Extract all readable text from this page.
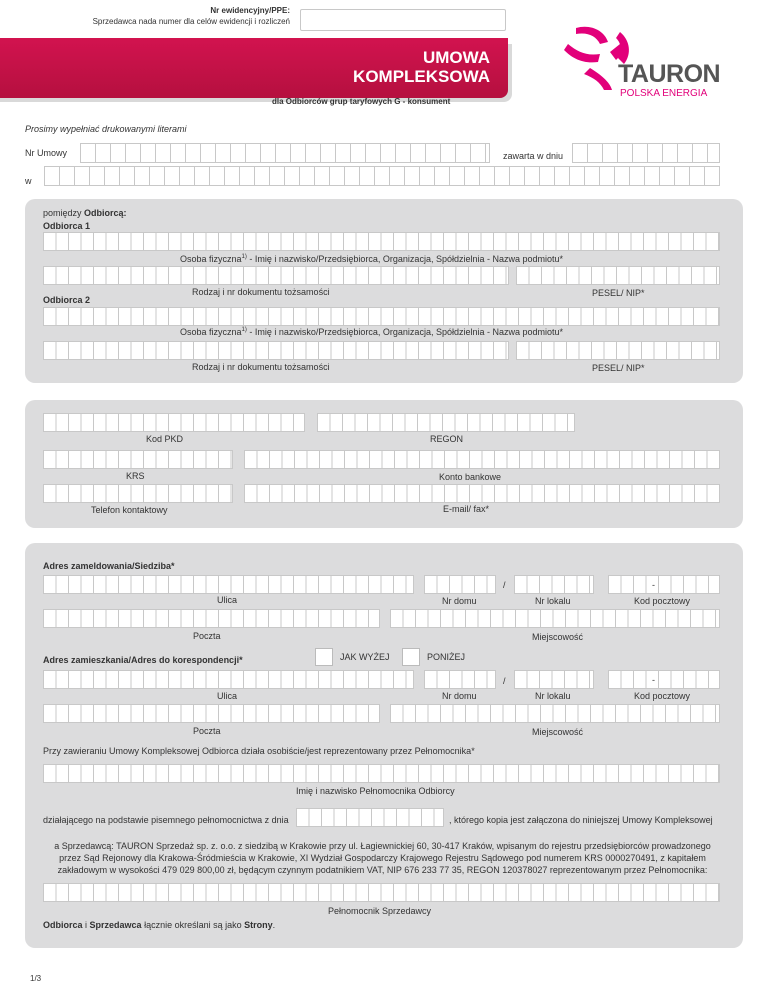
Nr ewidencyjny/PPE:
Sprzedawca nada numer dla celów ewidencji i rozliczeń
UMOWA
KOMPLEKSOWA
dla Odbiorców grup taryfowych G - konsument
TAURON
POLSKA ENERGIA
Prosimy wypełniać drukowanymi literami
Nr Umowy	zawarta w dniu
w
pomiędzy Odbiorcą:
Odbiorca 1
Osoba fizyczna$^{1)}$ - Imię i nazwisko/Przedsiębiorca, Organizacja, Spółdzielnia - Nazwa podmiotu*
Rodzaj i nr dokumentu tożsamości	PESEL/ NIP*
Odbiorca 2
Osoba fizyczna$^{1)}$ - Imię i nazwisko/Przedsiębiorca, Organizacja, Spółdzielnia - Nazwa podmiotu*
Rodzaj i nr dokumentu tożsamości	PESEL/ NIP*
Kod PKD	REGON
KRS	Konto bankowe
Telefon kontaktowy	E-mail/ fax*
Adres zameldowania/Siedziba*
/	-
Ulica	Nr domu	Nr lokalu	Kod pocztowy
Poczta	Miejscowość
Adres zamieszkania/Adres do korespondencji*	JAK WYŻEJ	PONIŻEJ
/	-
Ulica	Nr domu	Nr lokalu	Kod pocztowy
Poczta	Miejscowość
Przy zawieraniu Umowy Kompleksowej Odbiorca działa osobiście/jest reprezentowany przez Pełnomocnika*
Imię i nazwisko Pełnomocnika Odbiorcy
działającego na podstawie pisemnego pełnomocnictwa z dnia	, którego kopia jest załączona do niniejszej Umowy Kompleksowej
a Sprzedawcą: TAURON Sprzedaż sp. z. o.o. z siedzibą w Krakowie przy ul. Łagiewnickiej 60, 30-417 Kraków, wpisanym do rejestru przedsiębiorców prowadzonego
przez Sąd Rejonowy dla Krakowa-Śródmieścia w Krakowie, XI Wydział Gospodarczy Krajowego Rejestru Sądowego pod numerem KRS 0000270491, z kapitałem
zakładowym w wysokości 479 029 800,00 zł, będącym czynnym podatnikiem VAT, NIP 676 233 77 35, REGON 120378027 reprezentowanym przez Pełnomocnika:
Pełnomocnik Sprzedawcy
Odbiorca i Sprzedawca łącznie określani są jako Strony.
1/3
